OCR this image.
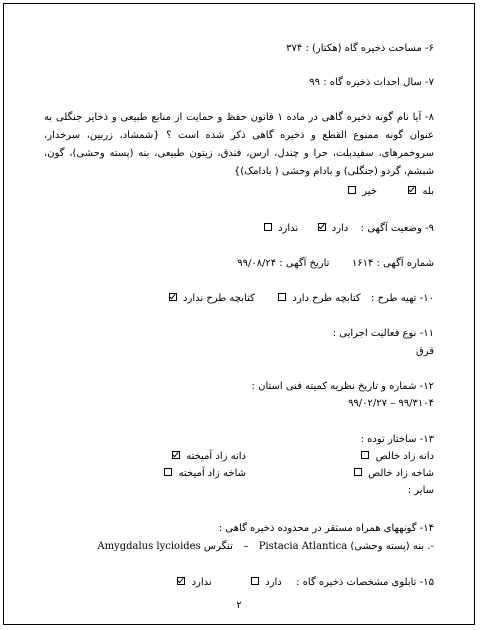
۶- مساحت ذخیره گاه (هکتار) : ۳۷۴
۷- سال احداث ذخیره گاه : ۹۹
۸- آیا نام گونه ذخیره گاهی در ماده ۱ قانون حفظ و حمایت از منابع طبیعی و ذخایر جنگلی به عنوان گونه ممنوع القطع و ذخیره گاهی ذکر شده است ؟ {شمشاد، زربین، سرخدار، سروخمرهای، سفیدپلت، حرا و چندل، ارس، فندق، زیتون طبیعی، بنه (پسته وحشی)، گون، شبشم، گردو (جنگلی) و بادام وحشی ( بادامک)}
بله   خیر
۹- وضعیت آگهی :  دارد   ندارد
شماره آگهی : ۱۶۱۴  تاریخ آگهی : ۹۹/۰۸/۲۴
۱۰- تهیه طرح :  کتابچه طرح دارد   کتابچه طرح ندارد
۱۱- نوع فعالیت اجرایی :
قرق
۱۲- شماره و تاریخ نظریه کمیته فنی استان :
۹۹/۳۱۰۴ – ۹۹/۰۲/۲۷
۱۳- ساختار توده :
دانه زاد خالص
دانه زاد آمیخته
شاخه زاد خالص
شاخه زاد آمیخته
سایر :
۱۴- گونههای همراه مستقر در محدوده ذخیره گاهی :
-. بنه (پسته وحشی) Pistacia Atlantica  –  تنگرس Amygdalus lycioides
۱۵- تابلوی مشخصات ذخیره گاه :  دارد   ندارد
۲
